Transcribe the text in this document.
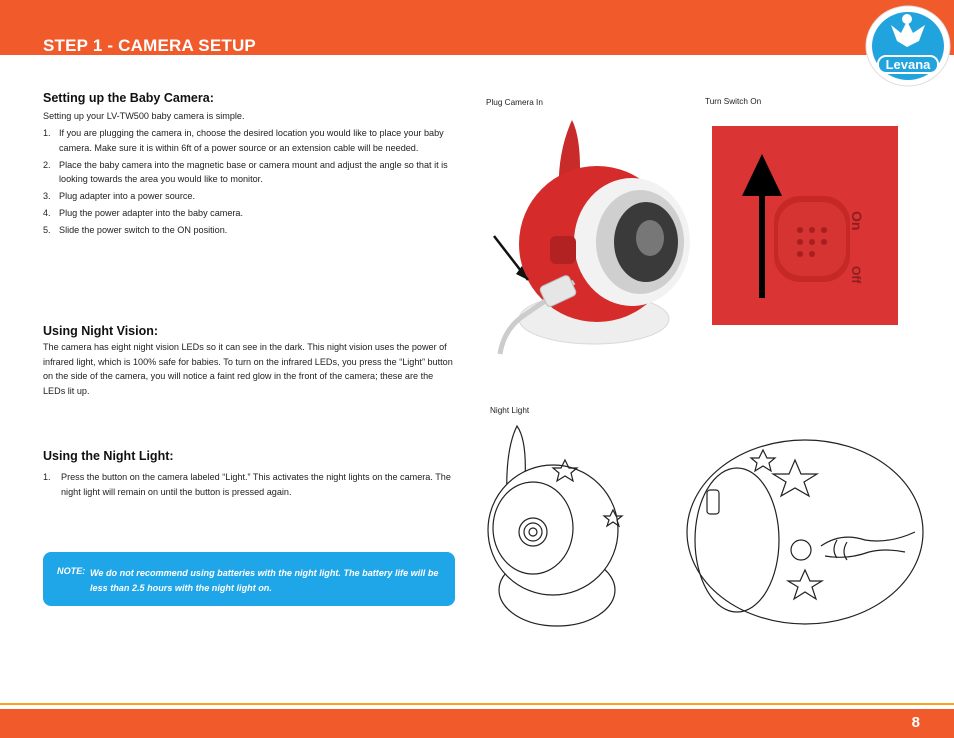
STEP 1 - CAMERA SETUP
Levana
Setting up the Baby Camera:

Setting up your LV-TW500 baby camera is simple.

1. If you are plugging the camera in, choose the desired location you would like to place your baby camera. Make sure it is within 6ft of a power source or an extension cable will be needed.
2. Place the baby camera into the magnetic base or camera mount and adjust the angle so that it is looking towards the area you would like to monitor.
3. Plug adapter into a power source.
4. Plug the power adapter into the baby camera.
5. Slide the power switch to the ON position.
Using Night Vision:

The camera has eight night vision LEDs so it can see in the dark. This night vision uses the power of infrared light, which is 100% safe for babies. To turn on the infrared LEDs, you press the “Light” button on the side of the camera, you will notice a faint red glow in the front of the camera; these are the LEDs lit up.

Using the Night Light:
1. Press the button on the camera labeled “Light.” This activates the night lights on the camera. The night light will remain on until the button is pressed again.
NOTE: We do not recommend using batteries with the night light. The battery life will be less than 2.5 hours with the night light on.
Plug Camera In	Turn Switch On
Night Light
On
Off
8
